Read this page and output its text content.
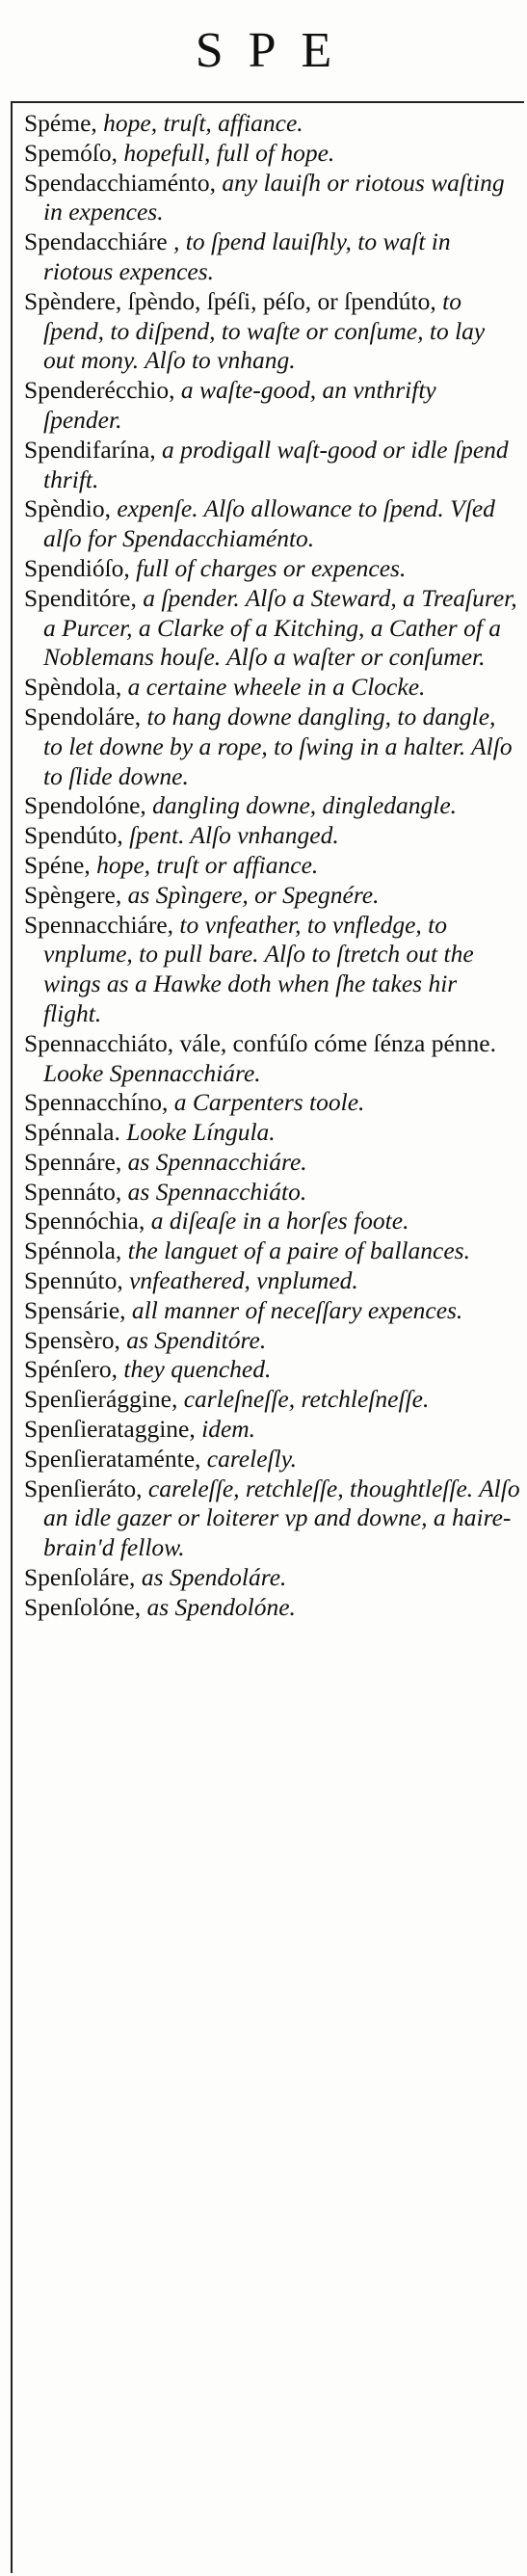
SPE

Spéme, hope, truſt, affiance.

Spemóſo, hopefull, full of hope.

Spendacchiaménto, any lauiſh or riotous waſting in expences.

Spendacchiáre , to ſpend lauiſhly, to waſt in riotous expences.

Spèndere, ſpèndo, ſpéſi, péſo, or ſpendúto, to ſpend, to diſpend, to waſte or conſume, to lay out mony. Alſo to vnhang.

Spenderécchio, a waſte-good, an vnthrifty ſpender.

Spendifarína, a prodigall waſt-good or idle ſpend thrift.

Spèndio, expenſe. Alſo allowance to ſpend. Vſed alſo for Spendacchiaménto.

Spendióſo, full of charges or expences.

Spenditóre, a ſpender. Alſo a Steward, a Treaſurer, a Purcer, a Clarke of a Kitching, a Cather of a Noblemans houſe. Alſo a waſter or conſumer.

Spèndola, a certaine wheele in a Clocke.

Spendoláre, to hang downe dangling, to dangle, to let downe by a rope, to ſwing in a halter. Alſo to ſlide downe.

Spendolóne, dangling downe, dingledangle.

Spendúto, ſpent. Alſo vnhanged.

Spéne, hope, truſt or affiance.

Spèngere, as Spìngere, or Spegnére.

Spennacchiáre, to vnfeather, to vnfledge, to vnplume, to pull bare. Alſo to ſtretch out the wings as a Hawke doth when ſhe takes hir flight.

Spennacchiáto, vále, confúſo cóme ſénza pénne. Looke Spennacchiáre.

Spennacchíno, a Carpenters toole.

Spénnala. Looke Língula.

Spennáre, as Spennacchiáre.

Spennáto, as Spennacchiáto.

Spennóchia, a diſeaſe in a horſes foote.

Spénnola, the languet of a paire of ballances.

Spennúto, vnfeathered, vnplumed.

Spensárie, all manner of neceſſary expences.

Spensèro, as Spenditóre.

Spénſero, they quenched.

Spenſierággine, carleſneſſe, retchleſneſſe.

Spenſierataggine, idem.

Spenſierataménte, careleſly.

Spenſieráto, careleſſe, retchleſſe, thoughtleſſe. Alſo an idle gazer or loiterer vp and downe, a haire-brain'd fellow.

Spenſoláre, as Spendoláre.

Spenſolóne, as Spendolóne.
